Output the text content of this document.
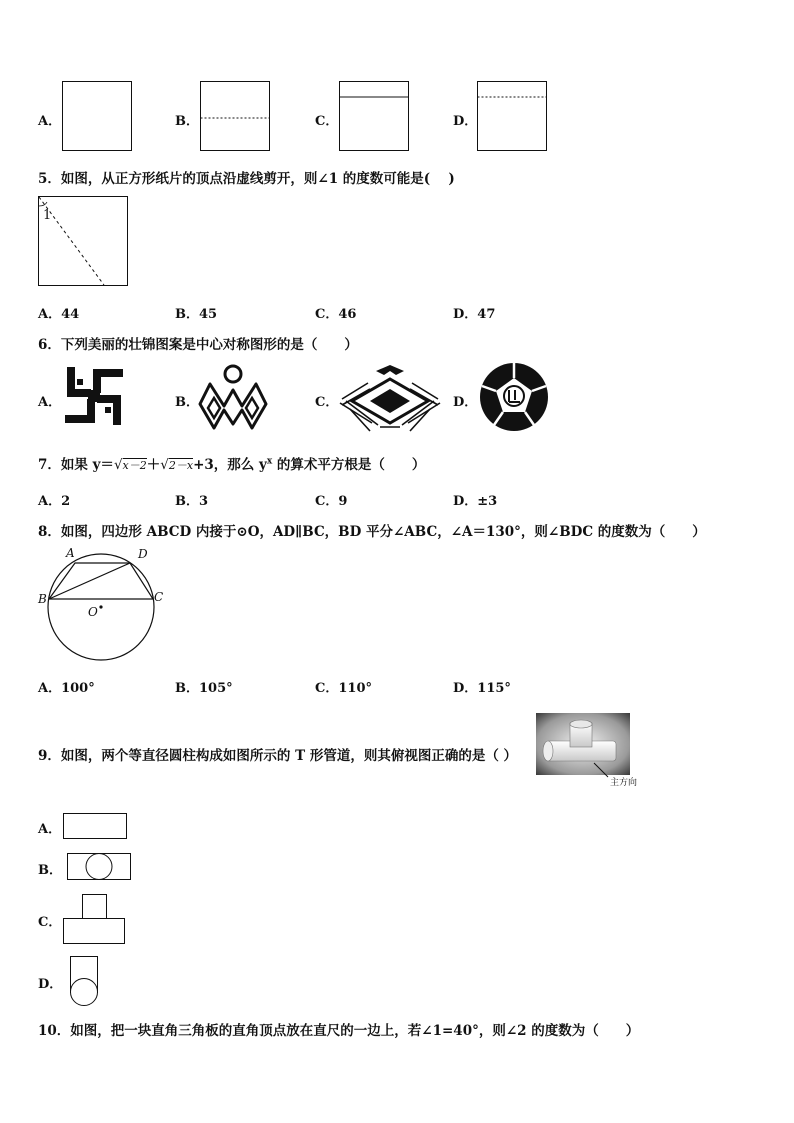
A．	B．	C．	D．
5．如图，从正方形纸片的顶点沿虚线剪开，则∠1 的度数可能是(　 )
1
A．44	B．45	C．46	D．47
6．下列美丽的壮锦图案是中心对称图形的是（　　）
A．	B．	C．	D．
7．如果 y＝√x－2＋√2－x+3，那么 $y^x$ 的算术平方根是（　　）
A．2	B．3	C．9	D．±3
8．如图，四边形 ABCD 内接于⊙O，AD∥BC，BD 平分∠ABC，∠A＝130°，则∠BDC 的度数为（　　）
A
B	C
D
O
A．100°	B．105°	C．110°	D．115°
9．如图，两个等直径圆柱构成如图所示的 T 形管道，则其俯视图正确的是（ ）
主方向
A．
B．
C．
D．
10．如图，把一块直角三角板的直角顶点放在直尺的一边上，若∠1=40°，则∠2 的度数为（　　）
